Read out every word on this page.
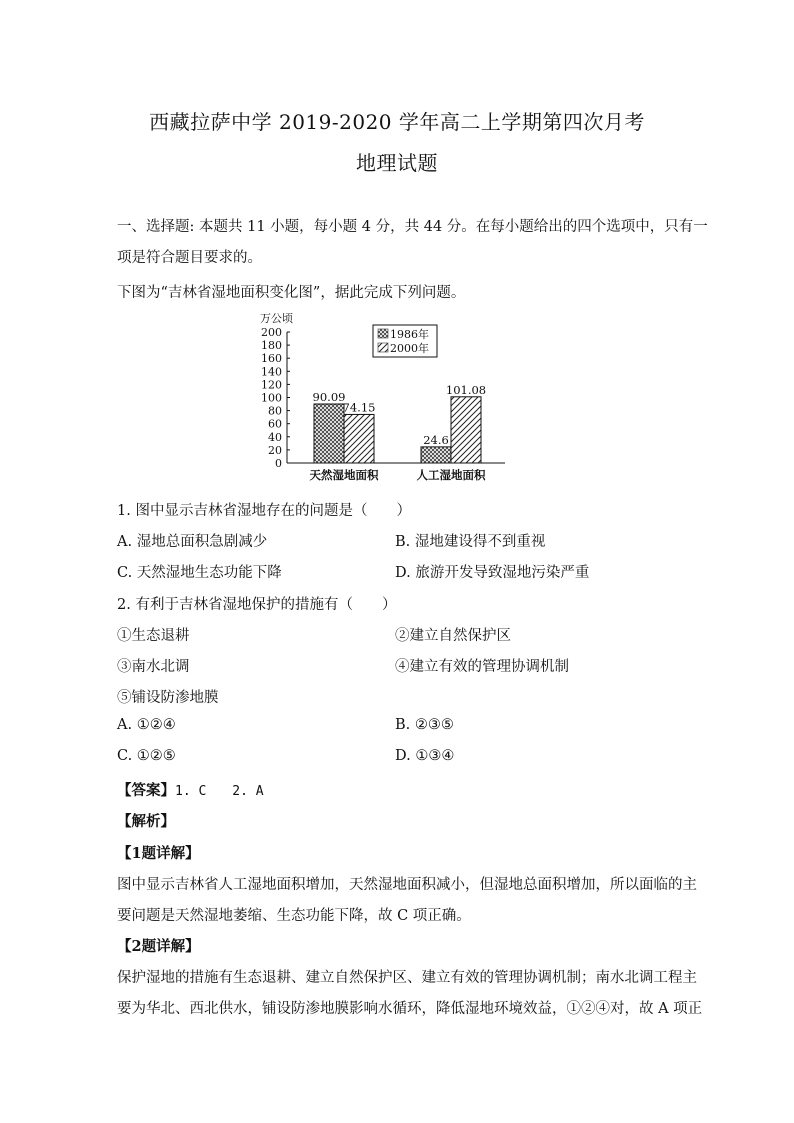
西藏拉萨中学 2019-2020 学年高二上学期第四次月考
地理试题
一、选择题: 本题共 11 小题，每小题 4 分，共 44 分。在每小题给出的四个选项中，只有一
项是符合题目要求的。
下图为“吉林省湿地面积变化图”，据此完成下列问题。
万公顷
200
180
160
140
120
100
80
60
40
20
0
90.09
74.15
24.6
101.08
天然湿地面积	人工湿地面积
1986年
2000年
1. 图中显示吉林省湿地存在的问题是（　　）
A. 湿地总面积急剧减少	B. 湿地建设得不到重视
C. 天然湿地生态功能下降	D. 旅游开发导致湿地污染严重
2. 有利于吉林省湿地保护的措施有（　　）
①生态退耕	②建立自然保护区
③南水北调	④建立有效的管理协调机制
⑤铺设防渗地膜
A. ①②④	B. ②③⑤
C. ①②⑤	D. ①③④
【答案】1. C　　2. A
【解析】
【1题详解】
图中显示吉林省人工湿地面积增加，天然湿地面积减小，但湿地总面积增加，所以面临的主
要问题是天然湿地萎缩、生态功能下降，故 C 项正确。
【2题详解】
保护湿地的措施有生态退耕、建立自然保护区、建立有效的管理协调机制；南水北调工程主
要为华北、西北供水，铺设防渗地膜影响水循环，降低湿地环境效益，①②④对，故 A 项正
